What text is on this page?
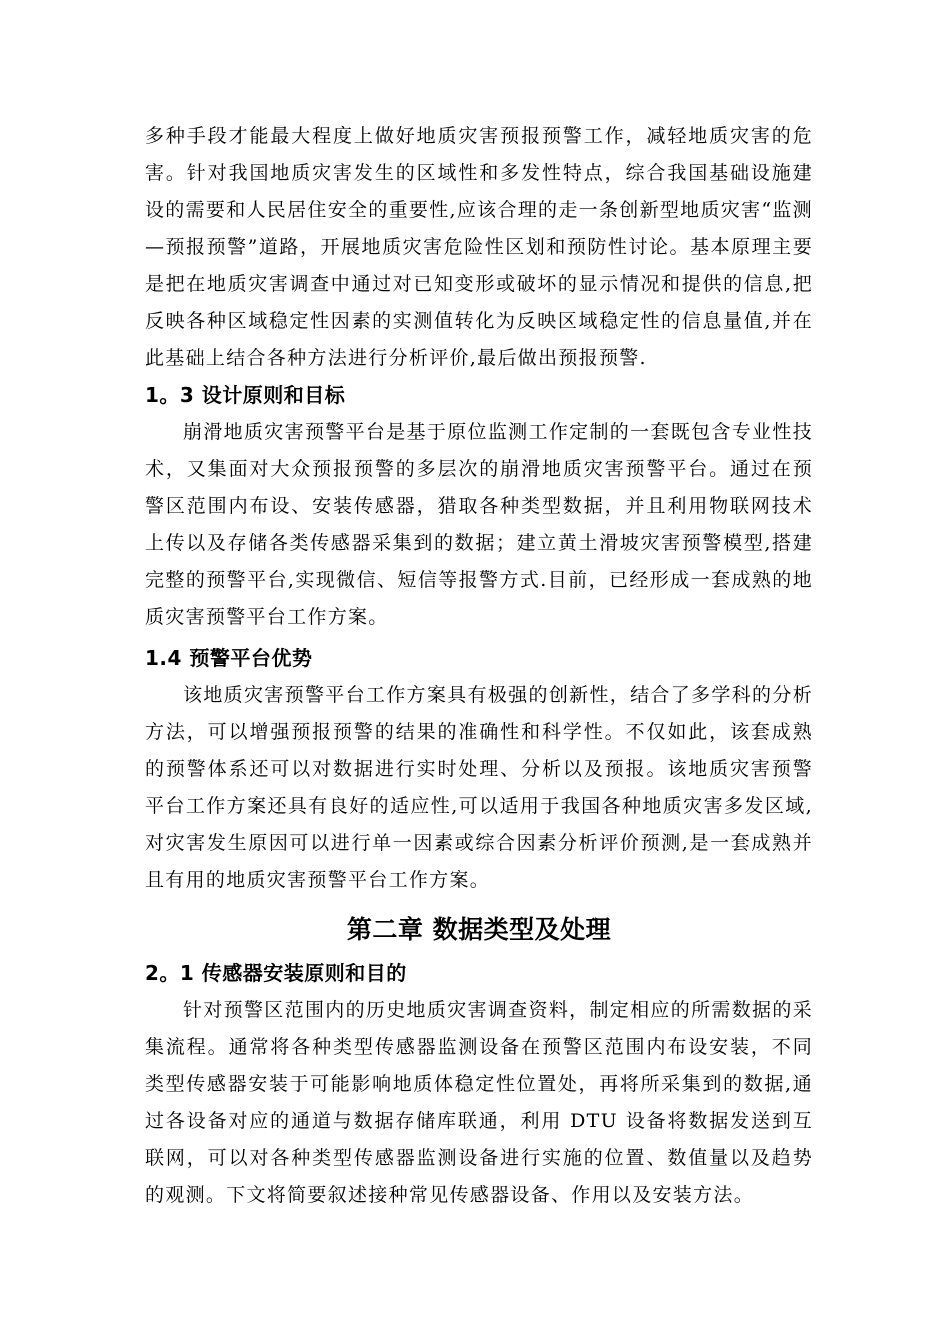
多种手段才能最大程度上做好地质灾害预报预警工作，减轻地质灾害的危害。针对我国地质灾害发生的区域性和多发性特点，综合我国基础设施建设的需要和人民居住安全的重要性,应该合理的走一条创新型地质灾害“监测—预报预警”道路，开展地质灾害危险性区划和预防性讨论。基本原理主要是把在地质灾害调查中通过对已知变形或破坏的显示情况和提供的信息,把反映各种区域稳定性因素的实测值转化为反映区域稳定性的信息量值,并在此基础上结合各种方法进行分析评价,最后做出预报预警.

1。3 设计原则和目标

崩滑地质灾害预警平台是基于原位监测工作定制的一套既包含专业性技术，又集面对大众预报预警的多层次的崩滑地质灾害预警平台。通过在预警区范围内布设、安装传感器，猎取各种类型数据，并且利用物联网技术上传以及存储各类传感器采集到的数据；建立黄土滑坡灾害预警模型,搭建完整的预警平台,实现微信、短信等报警方式.目前，已经形成一套成熟的地质灾害预警平台工作方案。

1.4 预警平台优势

该地质灾害预警平台工作方案具有极强的创新性，结合了多学科的分析方法，可以增强预报预警的结果的准确性和科学性。不仅如此，该套成熟的预警体系还可以对数据进行实时处理、分析以及预报。该地质灾害预警平台工作方案还具有良好的适应性,可以适用于我国各种地质灾害多发区域,对灾害发生原因可以进行单一因素或综合因素分析评价预测,是一套成熟并且有用的地质灾害预警平台工作方案。

第二章 数据类型及处理
2。1 传感器安装原则和目的

针对预警区范围内的历史地质灾害调查资料，制定相应的所需数据的采集流程。通常将各种类型传感器监测设备在预警区范围内布设安装，不同类型传感器安装于可能影响地质体稳定性位置处，再将所采集到的数据,通过各设备对应的通道与数据存储库联通，利用 DTU 设备将数据发送到互联网，可以对各种类型传感器监测设备进行实施的位置、数值量以及趋势的观测。下文将简要叙述接种常见传感器设备、作用以及安装方法。
